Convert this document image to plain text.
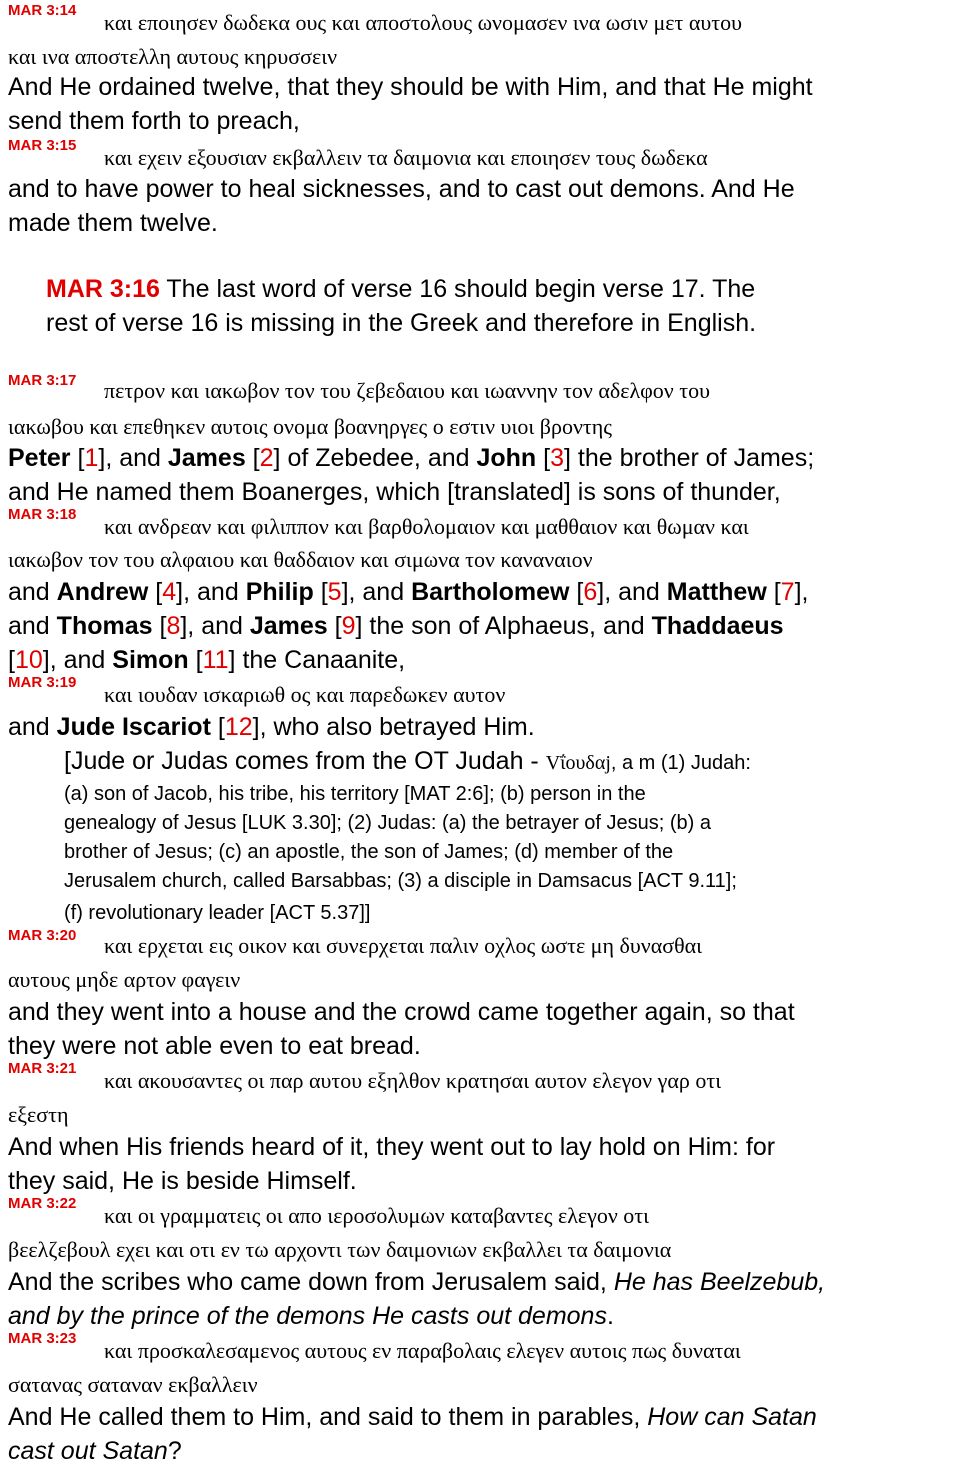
MAR 3:14 και εποιησεν δωδεκα ους και αποστολους ωνομασεν ινα ωσιν μετ αυτου
και ινα αποστελλη αυτους κηρυσσειν
And He ordained twelve, that they should be with Him, and that He might
send them forth to preach,
MAR 3:15 και εχειν εξουσιαν εκβαλλειν τα δαιμονια και εποιησεν τους δωδεκα
and to have power to heal sicknesses, and to cast out demons. And He
made them twelve.
MAR 3:16 The last word of verse 16 should begin verse 17. The
rest of verse 16 is missing in the Greek and therefore in English.
MAR 3:17 πετρον και ιακωβον τον του ζεβεδαιου και ιωαννην τον αδελφον του
ιακωβου και επεθηκεν αυτοις ονομα βοανηργες ο εστιν υιοι βροντης
Peter [1], and James [2] of Zebedee, and John [3] the brother of James;
and He named them Boanerges, which [translated] is sons of thunder,
MAR 3:18 και ανδρεαν και φιλιππον και βαρθολομαιον και μαθθαιον και θωμαν και
ιακωβον τον του αλφαιου και θαδδαιον και σιμωνα τον καναναιον
and Andrew [4], and Philip [5], and Bartholomew [6], and Matthew [7],
and Thomas [8], and James [9] the son of Alphaeus, and Thaddaeus
[10], and Simon [11] the Canaanite,
MAR 3:19 και ιουδαν ισκαριωθ ος και παρεδωκεν αυτον
and Jude Iscariot [12], who also betrayed Him.
[Jude or Judas comes from the OT Judah - Vΐουδαj, a m (1) Judah:
(a) son of Jacob, his tribe, his territory [MAT 2:6]; (b) person in the
genealogy of Jesus [LUK 3.30]; (2) Judas: (a) the betrayer of Jesus; (b) a
brother of Jesus; (c) an apostle, the son of James; (d) member of the
Jerusalem church, called Barsabbas; (3) a disciple in Damsacus [ACT 9.11];
(f) revolutionary leader [ACT 5.37]]
MAR 3:20 και ερχεται εις οικον και συνερχεται παλιν οχλος ωστε μη δυνασθαι
αυτους μηδε αρτον φαγειν
and they went into a house and the crowd came together again, so that
they were not able even to eat bread.
MAR 3:21 και ακουσαντες οι παρ αυτου εξηλθον κρατησαι αυτον ελεγον γαρ οτι
εξεστη
And when His friends heard of it, they went out to lay hold on Him: for
they said, He is beside Himself.
MAR 3:22 και οι γραμματεις οι απο ιεροσολυμων καταβαντες ελεγον οτι
βεελζεβουλ εχει και οτι εν τω αρχοντι των δαιμονιων εκβαλλει τα δαιμονια
And the scribes who came down from Jerusalem said, He has Beelzebub,
and by the prince of the demons He casts out demons.
MAR 3:23 και προσκαλεσαμενος αυτους εν παραβολαις ελεγεν αυτοις πως δυναται
σατανας σαταναν εκβαλλειν
And He called them to Him, and said to them in parables, How can Satan
cast out Satan?
